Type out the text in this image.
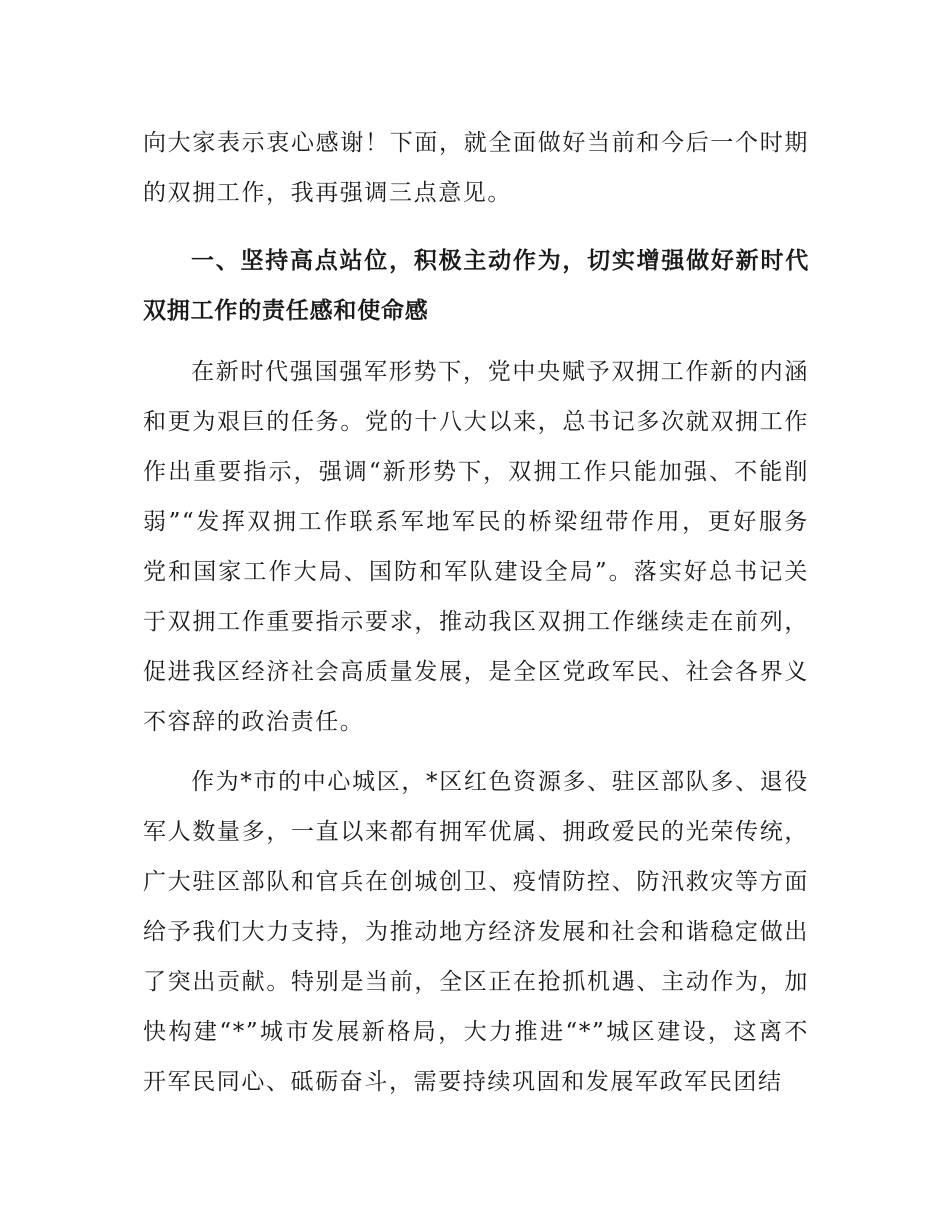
向大家表示衷心感谢！下面，就全面做好当前和今后一个时期的双拥工作，我再强调三点意见。

一、坚持高点站位，积极主动作为，切实增强做好新时代双拥工作的责任感和使命感

在新时代强国强军形势下，党中央赋予双拥工作新的内涵和更为艰巨的任务。党的十八大以来，总书记多次就双拥工作作出重要指示，强调“新形势下，双拥工作只能加强、不能削弱”“发挥双拥工作联系军地军民的桥梁纽带作用，更好服务党和国家工作大局、国防和军队建设全局”。落实好总书记关于双拥工作重要指示要求，推动我区双拥工作继续走在前列，促进我区经济社会高质量发展，是全区党政军民、社会各界义不容辞的政治责任。

作为*市的中心城区，*区红色资源多、驻区部队多、退役军人数量多，一直以来都有拥军优属、拥政爱民的光荣传统，广大驻区部队和官兵在创城创卫、疫情防控、防汛救灾等方面给予我们大力支持，为推动地方经济发展和社会和谐稳定做出了突出贡献。特别是当前，全区正在抢抓机遇、主动作为，加快构建“*”城市发展新格局，大力推进“*”城区建设，这离不开军民同心、砥砺奋斗，需要持续巩固和发展军政军民团结
